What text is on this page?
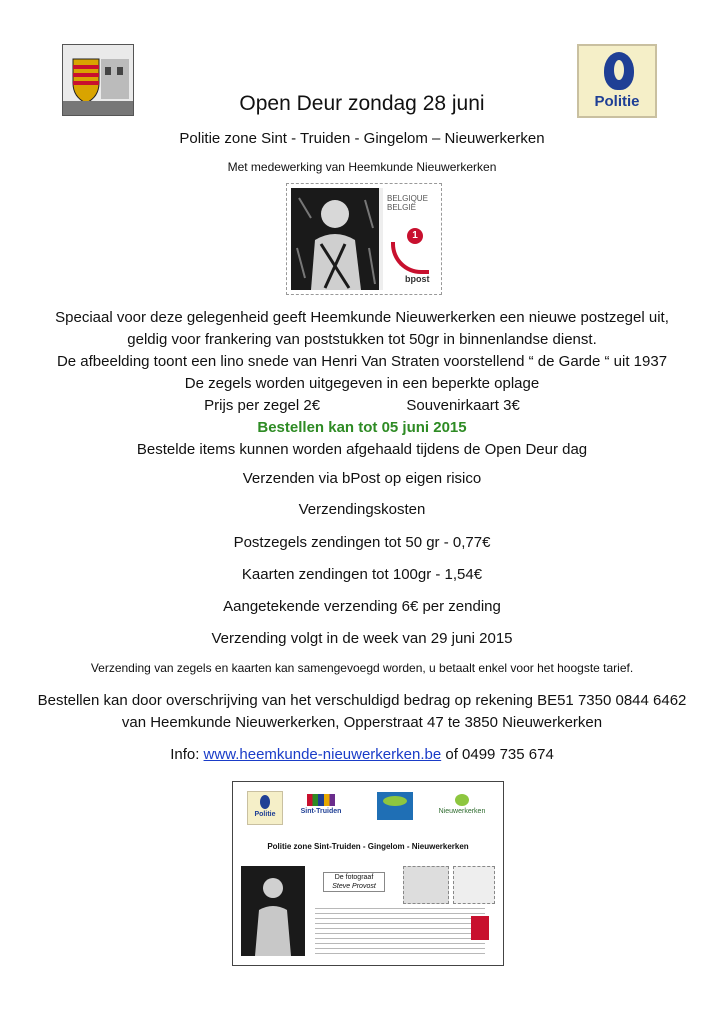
Politie
Open Deur zondag 28 juni
Politie zone Sint - Truiden - Gingelom – Nieuwerkerken
Met medewerking van Heemkunde Nieuwerkerken
BELGIQUE BELGIË
1
bpost
Speciaal voor deze gelegenheid geeft Heemkunde Nieuwerkerken een nieuwe postzegel uit,
geldig voor frankering van poststukken tot 50gr in binnenlandse dienst.
De afbeelding toont een lino snede van Henri Van Straten voorstellend “ de Garde “ uit 1937
De zegels worden uitgegeven in een beperkte oplage
Prijs per zegel 2€	Souvenirkaart 3€
Bestellen kan tot 05 juni 2015
Bestelde items kunnen worden afgehaald tijdens de Open Deur dag
Verzenden via bPost op eigen risico
Verzendingskosten
Postzegels zendingen tot 50 gr - 0,77€
Kaarten zendingen tot 100gr - 1,54€
Aangetekende verzending 6€ per zending
Verzending volgt in de week van 29 juni 2015
Verzending van zegels en kaarten kan samengevoegd worden, u betaalt enkel voor het hoogste tarief.
Bestellen kan door overschrijving van het verschuldigd bedrag op rekening BE51 7350 0844 6462
van Heemkunde Nieuwerkerken, Opperstraat 47 te 3850 Nieuwerkerken
Info: www.heemkunde-nieuwerkerken.be of 0499 735 674
Politie	Sint-Truiden	Nieuwerkerken
Politie zone Sint-Truiden - Gingelom - Nieuwerkerken
De fotograaf
Steve Provost
